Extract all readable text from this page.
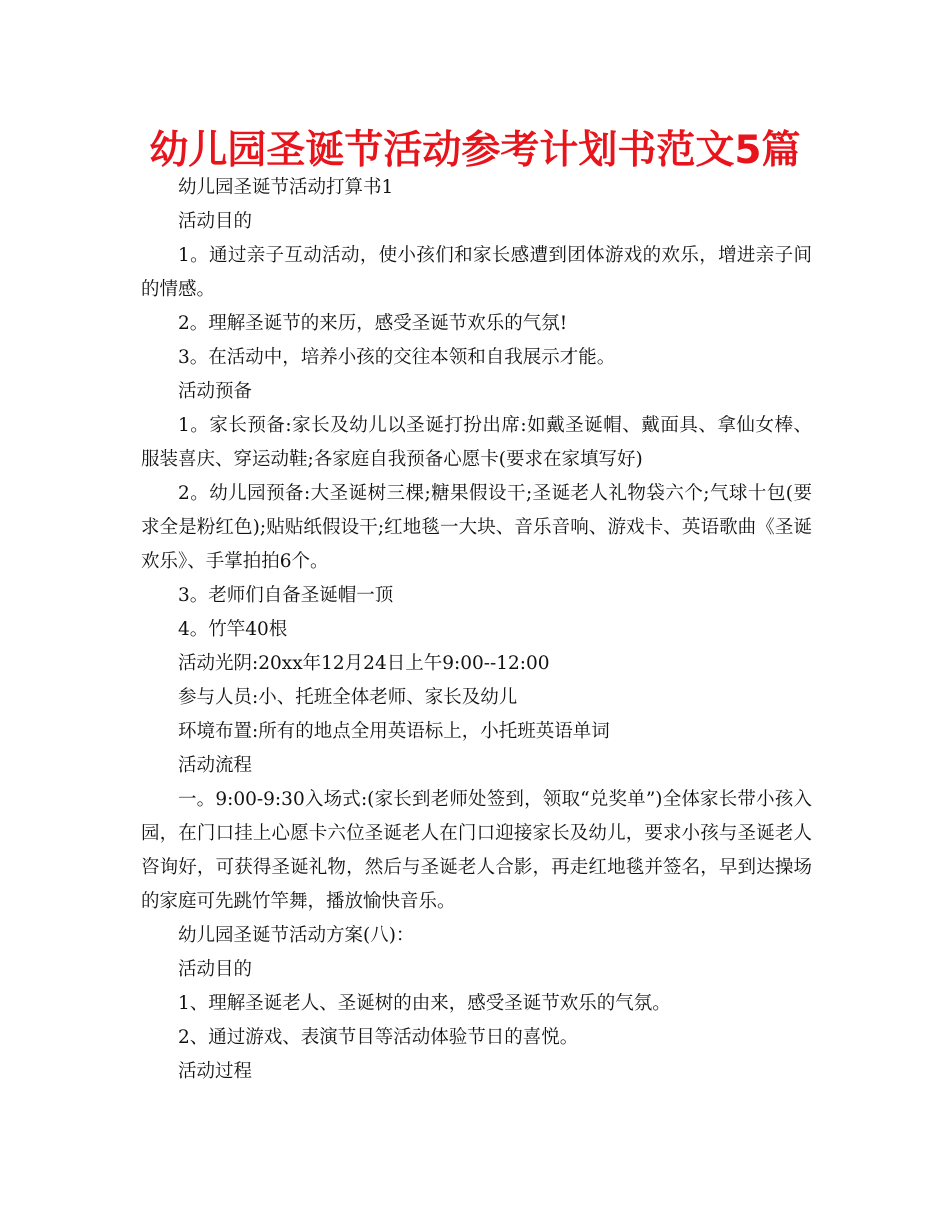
幼儿园圣诞节活动参考计划书范文5篇

幼儿园圣诞节活动打算书1

活动目的

1。通过亲子互动活动，使小孩们和家长感遭到团体游戏的欢乐，增进亲子间的情感。

2。理解圣诞节的来历，感受圣诞节欢乐的气氛!

3。在活动中，培养小孩的交往本领和自我展示才能。

活动预备

1。家长预备:家长及幼儿以圣诞打扮出席:如戴圣诞帽、戴面具、拿仙女棒、服装喜庆、穿运动鞋;各家庭自我预备心愿卡(要求在家填写好)

2。幼儿园预备:大圣诞树三棵;糖果假设干;圣诞老人礼物袋六个;气球十包(要求全是粉红色);贴贴纸假设干;红地毯一大块、音乐音响、游戏卡、英语歌曲《圣诞欢乐》、手掌拍拍6个。

3。老师们自备圣诞帽一顶

4。竹竿40根

活动光阴:20xx年12月24日上午9:00--12:00

参与人员:小、托班全体老师、家长及幼儿

环境布置:所有的地点全用英语标上，小托班英语单词

活动流程

一。9:00-9:30入场式:(家长到老师处签到，领取“兑奖单”)全体家长带小孩入园，在门口挂上心愿卡六位圣诞老人在门口迎接家长及幼儿，要求小孩与圣诞老人咨询好，可获得圣诞礼物，然后与圣诞老人合影，再走红地毯并签名，早到达操场的家庭可先跳竹竿舞，播放愉快音乐。

幼儿园圣诞节活动方案(八)：

活动目的

1、理解圣诞老人、圣诞树的由来，感受圣诞节欢乐的气氛。

2、通过游戏、表演节目等活动体验节日的喜悦。

活动过程
